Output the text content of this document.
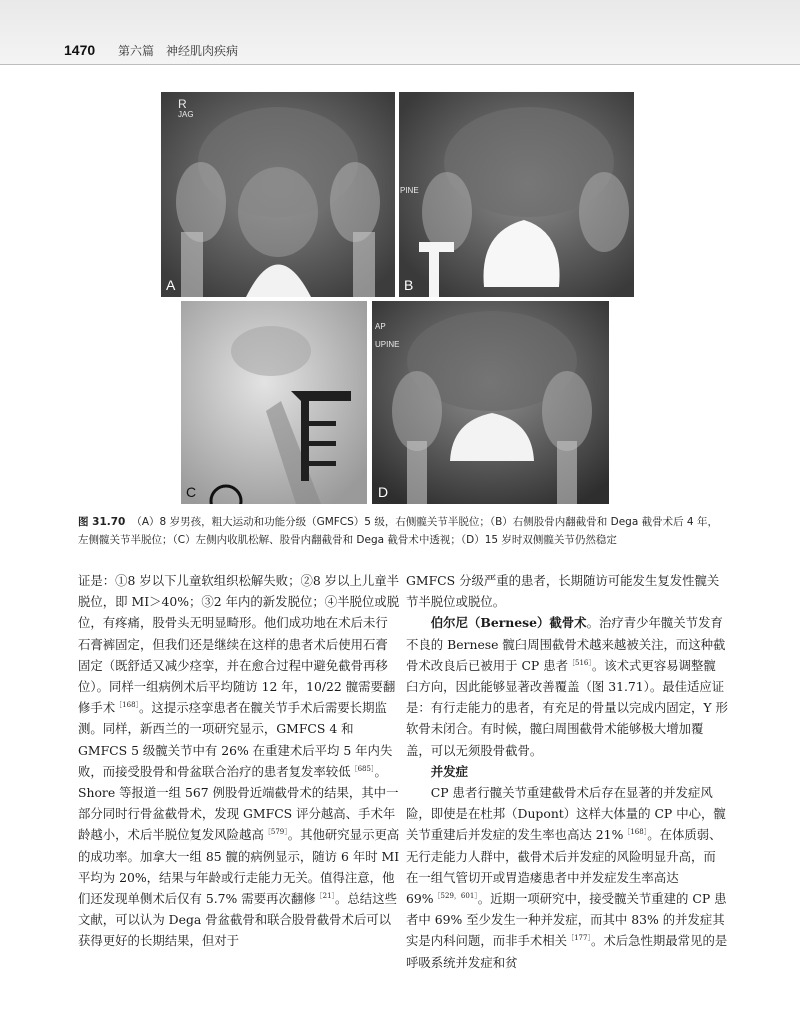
1470 第六篇　神经肌肉疾病
R
JAG
A
PINE
B
C
AP
UPINE
D
图 31.70 （A）8 岁男孩，粗大运动和功能分级（GMFCS）5 级，右侧髋关节半脱位；（B）右侧股骨内翻截骨和 Dega 截骨术后 4 年，左侧髋关节半脱位；（C）左侧内收肌松解、股骨内翻截骨和 Dega 截骨术中透视；（D）15 岁时双侧髋关节仍然稳定

证是：①8 岁以下儿童软组织松解失败；②8 岁以上儿童半脱位，即 MI＞40%；③2 年内的新发脱位；④半脱位或脱位，有疼痛，股骨头无明显畸形。他们成功地在术后未行石膏裤固定，但我们还是继续在这样的患者术后使用石膏固定（既舒适又减少痉挛，并在愈合过程中避免截骨再移位）。同样一组病例术后平均随访 12 年，10/22 髋需要翻修手术$^{[168]}$。这提示痉挛患者在髋关节手术后需要长期监测。同样，新西兰的一项研究显示，GMFCS 4 和 GMFCS 5 级髋关节中有 26% 在重建术后平均 5 年内失败，而接受股骨和骨盆联合治疗的患者复发率较低$^{[685]}$。Shore 等报道一组 567 例股骨近端截骨术的结果，其中一部分同时行骨盆截骨术，发现 GMFCS 评分越高、手术年龄越小，术后半脱位复发风险越高$^{[579]}$。其他研究显示更高的成功率。加拿大一组 85 髋的病例显示，随访 6 年时 MI 平均为 20%，结果与年龄或行走能力无关。值得注意，他们还发现单侧术后仅有 5.7% 需要再次翻修$^{[21]}$。总结这些文献，可以认为 Dega 骨盆截骨和联合股骨截骨术后可以获得更好的长期结果，但对于

GMFCS 分级严重的患者，长期随访可能发生复发性髋关节半脱位或脱位。

伯尔尼（Bernese）截骨术。治疗青少年髋关节发育不良的 Bernese 髋臼周围截骨术越来越被关注，而这种截骨术改良后已被用于 CP 患者$^{[516]}$。该术式更容易调整髋臼方向，因此能够显著改善覆盖（图 31.71）。最佳适应证是：有行走能力的患者，有充足的骨量以完成内固定，Y 形软骨未闭合。有时候，髋臼周围截骨术能够极大增加覆盖，可以无须股骨截骨。

并发症

CP 患者行髋关节重建截骨术后存在显著的并发症风险，即使是在杜邦（Dupont）这样大体量的 CP 中心，髋关节重建后并发症的发生率也高达 21%$^{[168]}$。在体质弱、无行走能力人群中，截骨术后并发症的风险明显升高，而在一组气管切开或胃造瘘患者中并发症发生率高达 69%$^{[529,601]}$。近期一项研究中，接受髋关节重建的 CP 患者中 69% 至少发生一种并发症，而其中 83% 的并发症其实是内科问题，而非手术相关$^{[177]}$。术后急性期最常见的是呼吸系统并发症和贫
